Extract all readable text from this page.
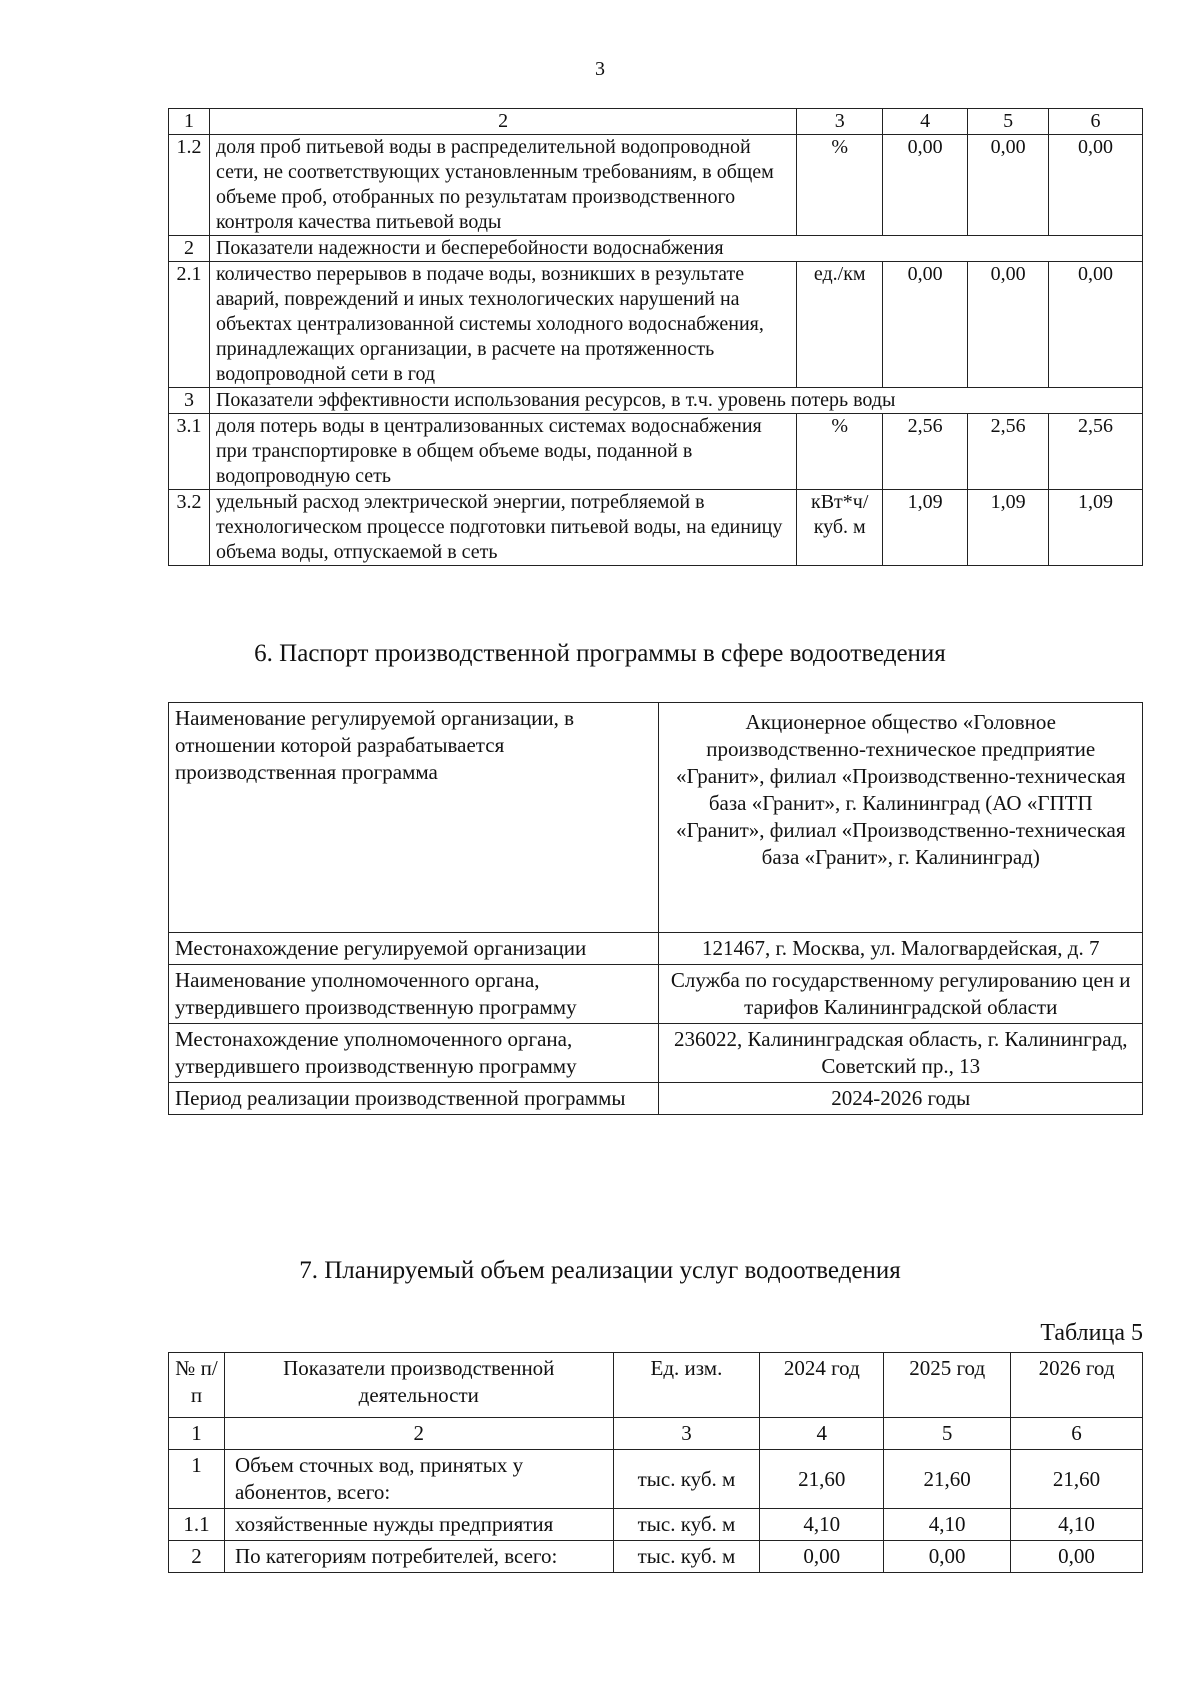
3
1	2	3	4	5	6
1.2	доля проб питьевой воды в распределительной водопроводной сети, не соответствующих установленным требованиям, в общем объеме проб, отобранных по результатам производственного контроля качества питьевой воды	%	0,00	0,00	0,00
2	Показатели надежности и бесперебойности водоснабжения				
2.1	количество перерывов в подаче воды, возникших в результате аварий, повреждений и иных технологических нарушений на объектах централизованной системы холодного водоснабжения, принадлежащих организации, в расчете на протяженность водопроводной сети в год	ед./км	0,00	0,00	0,00
3	Показатели эффективности использования ресурсов, в т.ч. уровень потерь воды				
3.1	доля потерь воды в централизованных системах водоснабжения при транспортировке в общем объеме воды, поданной в водопроводную сеть	%	2,56	2,56	2,56
3.2	удельный расход электрической энергии, потребляемой в технологическом процессе подготовки питьевой воды, на единицу объема воды, отпускаемой в сеть	кВт*ч/ куб. м	1,09	1,09	1,09
6. Паспорт производственной программы в сфере водоотведения
Наименование регулируемой организации, в отношении которой разрабатывается производственная программа	Акционерное общество «Головное производственно-техническое предприятие «Гранит», филиал «Производственно-техническая база «Гранит», г. Калининград (АО «ГПТП «Гранит», филиал «Производственно-техническая база «Гранит», г. Калининград)
Местонахождение регулируемой организации	121467, г. Москва, ул. Малогвардейская, д. 7
Наименование уполномоченного органа, утвердившего производственную программу	Служба по государственному регулированию цен и тарифов Калининградской области
Местонахождение уполномоченного органа, утвердившего производственную программу	236022, Калининградская область, г. Калининград, Советский пр., 13
Период реализации производственной программы	2024-2026 годы
7. Планируемый объем реализации услуг водоотведения
Таблица 5
№ п/п	Показатели производственной деятельности	Ед. изм.	2024 год	2025 год	2026 год
1	2	3	4	5	6
1	Объем сточных вод, принятых у абонентов, всего:	тыс. куб. м	21,60	21,60	21,60
1.1	хозяйственные нужды предприятия	тыс. куб. м	4,10	4,10	4,10
2	По категориям потребителей, всего:	тыс. куб. м	0,00	0,00	0,00
